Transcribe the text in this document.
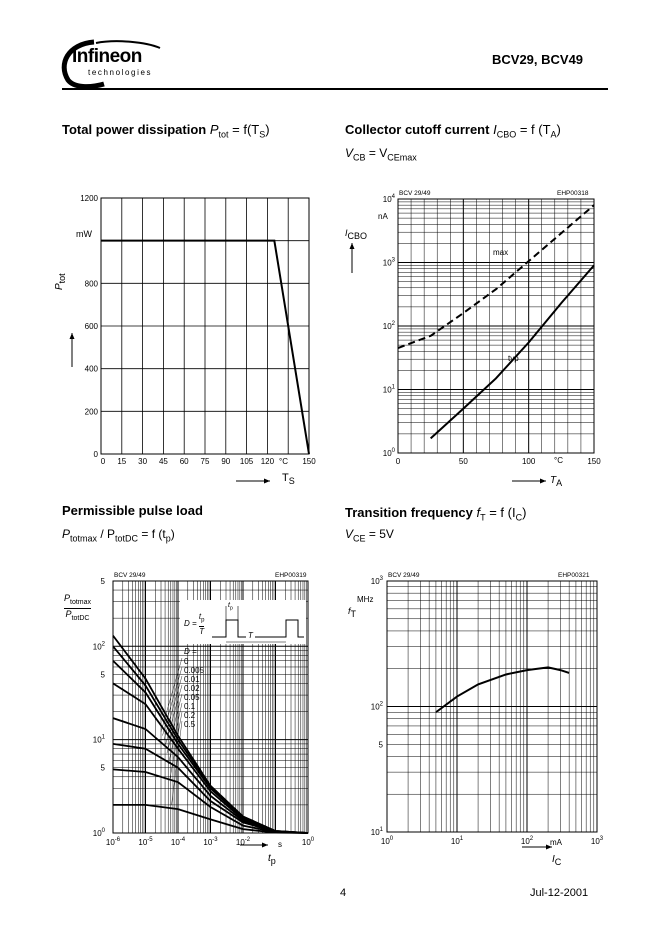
Infineon
technologies
BCV29, BCV49
Total power dissipation $P_{tot} = f(T_S)$	Collector cutoff current $I_{CBO} = f$ $(T_A)$
$V_{CB} = V_{CEmax}$
Permissible pulse load
$P_{totmax} / P_{totDC} = f$ $(t_p)$
Transition frequency $f_T = f$ $(I_C)$
$V_{CE} = 5V$
0 15 30 45 60 75 90 105 120	150
0
200
400
600
800
1200
0	50	100	150
$10^0$
$10^1$
$10^2$
$10^3$
$10^4$
$10^{-6}$ $10^{-5}$ $10^{-4}$ $10^{-3}$ $10^{-2}$	$10^0$
$10^0$
5
$10^1$
5
$10^2$
5
$10^0$	$10^1$	$10^2$	$10^3$
$10^1$
5
$10^2$
$10^3$
mW
$P_{tot}$
$T_S$
°C
BCV 29/49	EHP00318
nA
$I_{CBO}$
$T_A$
°C
max
typ
BCV 29/49	EHP00319
$P_{totmax}$
$P_{totDC}$
$t_p$
s
D =
0
0.005
0.01
0.02
0.05
0.1
0.2
0.5
$D = \frac{t_p}{T}$
$t_p$
T
BCV 29/49	EHP00321
MHz
$f_T$
$I_C$
mA
4	Jul-12-2001
